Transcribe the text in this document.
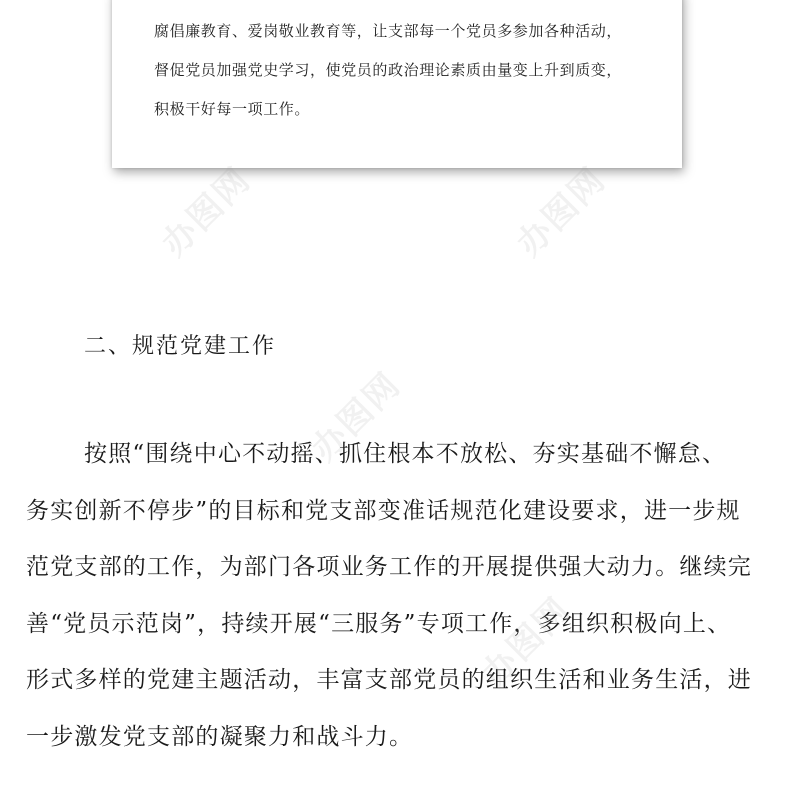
腐倡廉教育、爱岗敬业教育等，让支部每一个党员多参加各种活动，
督促党员加强党史学习，使党员的政治理论素质由量变上升到质变，
积极干好每一项工作。
二、规范党建工作
按照“围绕中心不动摇、抓住根本不放松、夯实基础不懈怠、
务实创新不停步”的目标和党支部变准话规范化建设要求，进一步规
范党支部的工作，为部门各项业务工作的开展提供强大动力。继续完
善“党员示范岗”，持续开展“三服务”专项工作，多组织积极向上、
形式多样的党建主题活动，丰富支部党员的组织生活和业务生活，进
一步激发党支部的凝聚力和战斗力。
办图网	办图网
办图网
办图网
